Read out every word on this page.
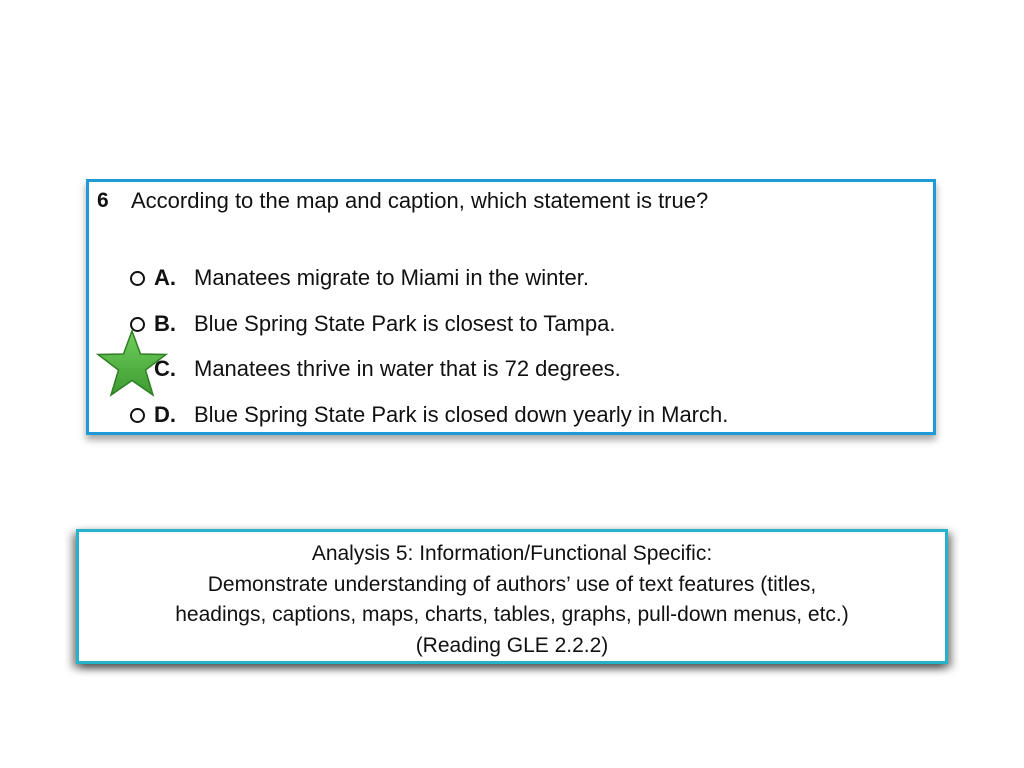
6 According to the map and caption, which statement is true?
A. Manatees migrate to Miami in the winter.
B. Blue Spring State Park is closest to Tampa.
C. Manatees thrive in water that is 72 degrees.
D. Blue Spring State Park is closed down yearly in March.
Analysis 5: Information/Functional Specific:
Demonstrate understanding of authors’ use of text features (titles,
headings, captions, maps, charts, tables, graphs, pull-down menus, etc.)
(Reading GLE 2.2.2)
